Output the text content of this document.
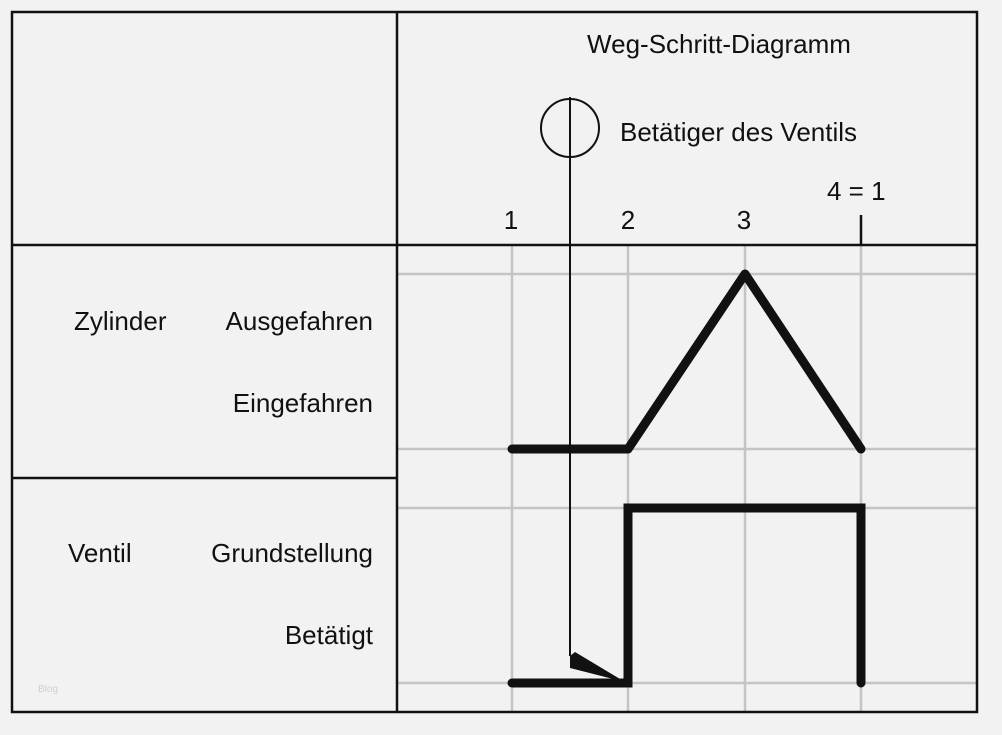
Weg-Schritt-Diagramm
Betätiger des Ventils
1	2	3
4 = 1
Zylinder Ausgefahren
Eingefahren
Ventil	Grundstellung
Betätigt
Blog
